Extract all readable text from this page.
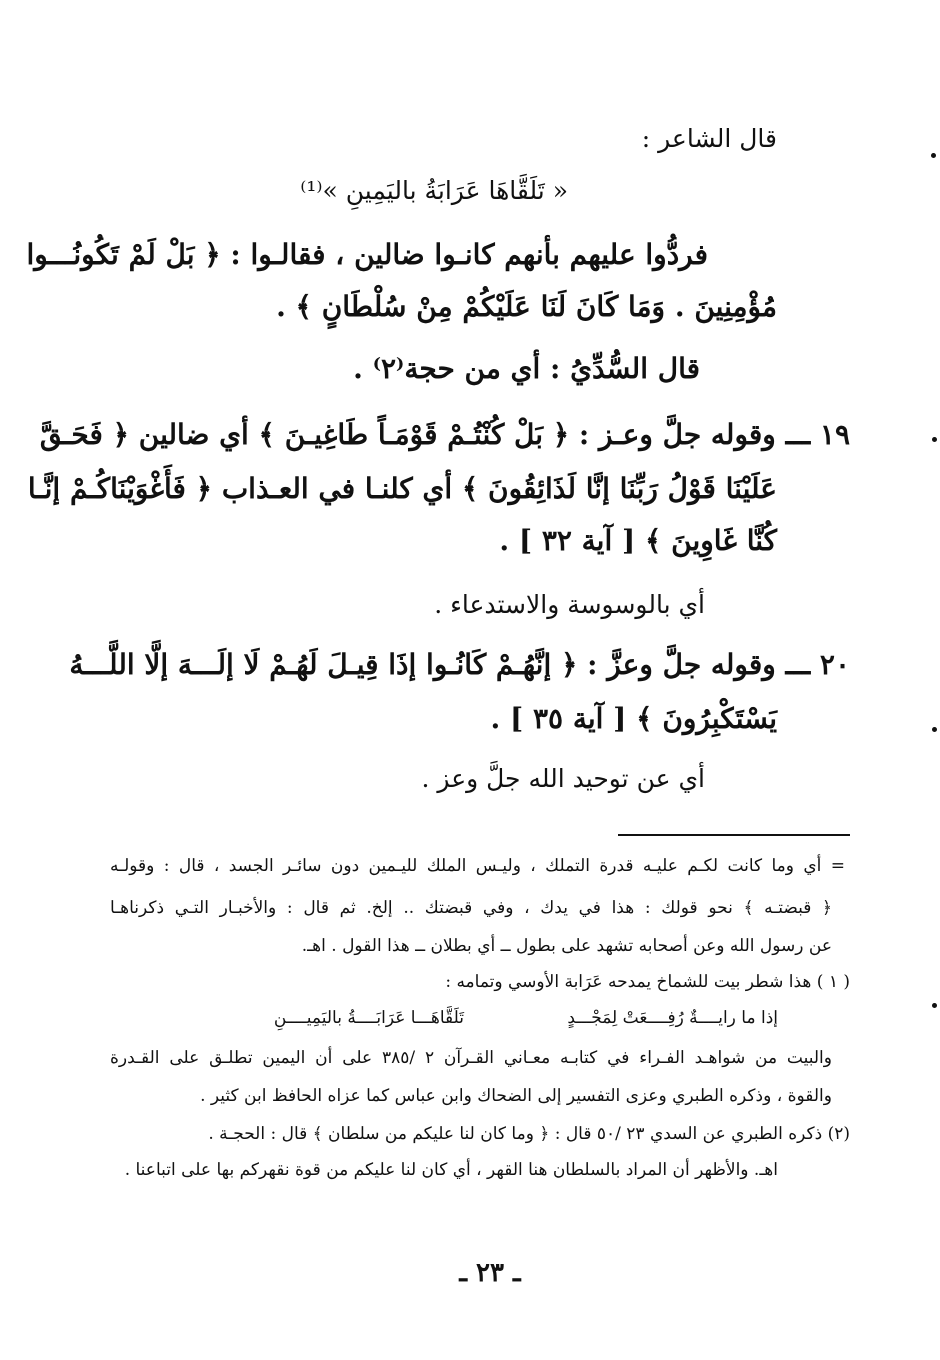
قال الشاعر :
« تَلَقَّاهَا عَرَابَةُ باليَمِينِ »⁽¹⁾
فردُّوا عليهم بأنهم كانـوا ضالين ، فقالـوا : ﴿ بَلْ لَمْ تَكُونُـــوا
مُؤْمِنِينَ . وَمَا كَانَ لَنَا عَلَيْكُمْ مِنْ سُلْطَانٍ ﴾ .
قال السُّدِّيُ : أي من حجة⁽٢⁾ .
١٩ ـــ وقوله جلَّ وعـز : ﴿ بَلْ كُنْتُـمْ قَوْمَـاً طَاغِيـنَ ﴾ أي ضالين ﴿ فَحَـقَّ
عَلَيْنَا قَوْلُ رَبِّنَا إنَّا لَذَائِقُونَ ﴾ أي كلنـا في العـذاب ﴿ فَأَغْوَيْنَاكُـمْ إنَّـا
كُنَّا غَاوِينَ ﴾ [ آية ٣٢ ] .
أي بالوسوسة والاستدعاء .
٢٠ ـــ وقوله جلَّ وعزَّ : ﴿ إنَّهُـمْ كَانُـوا إذَا قِيـلَ لَهُـمْ لَا إلَـــهَ إلَّا اللَّـــهُ
يَسْتَكْبِرُونَ ﴾ [ آية ٣٥ ] .
أي عن توحيد الله جلَّ وعز .
= أي وما كانت لكـم عليـه قدرة التملك ، وليـس الملك لليـمين دون سائـر الجسد ، قال : وقولـه
﴿ قبضتـه ﴾ نحو قولك : هذا في يدك ، وفي قبضتك .. إلخ. ثم قال : والأخبـار التـي ذكرناهـا
عن رسول الله وعن أصحابه تشهد على بطول ــ أي بطلان ــ هذا القول . اهـ.
( ١ ) هذا شطر بيت للشماخ يمدحه عَرَابة الأوسي وتمامه :
إذا ما رايــــةٌ رُفِــــعَتْ لِمَجْـــدٍ
تَلَقَّاهَـــا عَرَابَــــةُ باليَمِيــــنِ
والبيت من شواهـد الفـراء في كتابـه معـاني القـرآن ٢ /٣٨٥ على أن اليمين تطلـق على القـدرة
والقوة ، وذكره الطبري وعزى التفسير إلى الضحاك وابن عباس كما عزاه الحافظ ابن كثير .
(٢) ذكره الطبري عن السدي ٢٣ /٥٠ قال : ﴿ وما كان لنا عليكم من سلطان ﴾ قال : الحجـة .
اهـ. والأظهر أن المراد بالسلطان هنا القهر ، أي كان لنا عليكم من قوة نقهركم بها على اتباعنا .
ـ ٢٣ ـ
